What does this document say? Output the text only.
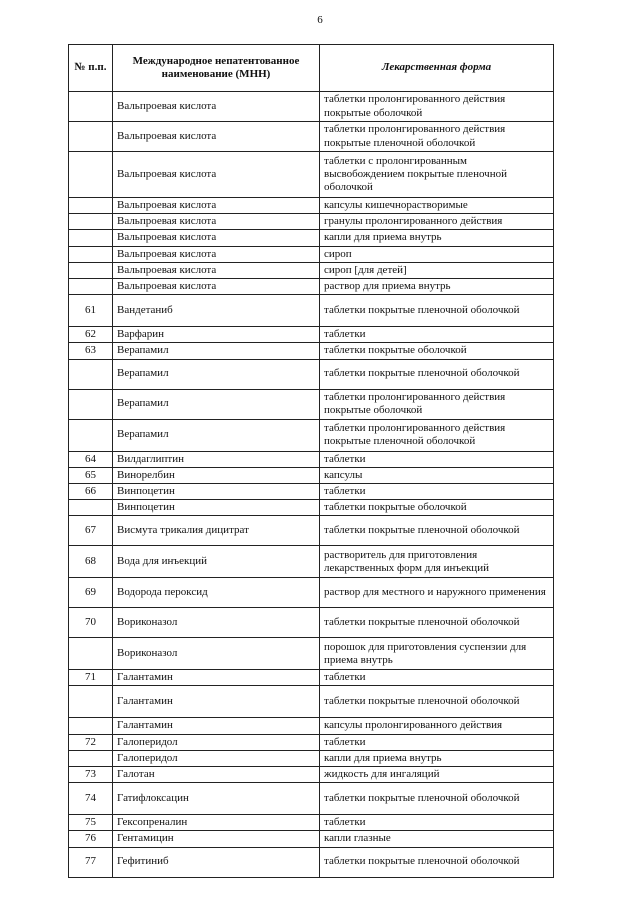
6
№ п.п.	Международное непатентованное наименование (МНН)	Лекарственная форма
	Вальпроевая кислота	таблетки пролонгированного действия покрытые оболочкой
	Вальпроевая кислота	таблетки пролонгированного действия покрытые пленочной оболочкой
	Вальпроевая кислота	таблетки с пролонгированным высвобождением покрытые пленочной оболочкой
	Вальпроевая кислота	капсулы кишечнорастворимые
	Вальпроевая кислота	гранулы пролонгированного действия
	Вальпроевая кислота	капли для приема внутрь
	Вальпроевая кислота	сироп
	Вальпроевая кислота	сироп [для детей]
	Вальпроевая кислота	раствор для приема внутрь
61	Вандетаниб	таблетки покрытые пленочной оболочкой
62	Варфарин	таблетки
63	Верапамил	таблетки покрытые оболочкой
	Верапамил	таблетки покрытые пленочной оболочкой
	Верапамил	таблетки пролонгированного действия покрытые оболочкой
	Верапамил	таблетки пролонгированного действия покрытые пленочной оболочкой
64	Вилдаглиптин	таблетки
65	Винорелбин	капсулы
66	Винпоцетин	таблетки
	Винпоцетин	таблетки покрытые оболочкой
67	Висмута трикалия дицитрат	таблетки покрытые пленочной оболочкой
68	Вода для инъекций	растворитель для приготовления лекарственных форм для инъекций
69	Водорода пероксид	раствор для местного и наружного применения
70	Вориконазол	таблетки покрытые пленочной оболочкой
	Вориконазол	порошок для приготовления суспензии для приема внутрь
71	Галантамин	таблетки
	Галантамин	таблетки покрытые пленочной оболочкой
	Галантамин	капсулы пролонгированного действия
72	Галоперидол	таблетки
	Галоперидол	капли для приема внутрь
73	Галотан	жидкость для ингаляций
74	Гатифлоксацин	таблетки покрытые пленочной оболочкой
75	Гексопреналин	таблетки
76	Гентамицин	капли глазные
77	Гефитиниб	таблетки покрытые пленочной оболочкой
